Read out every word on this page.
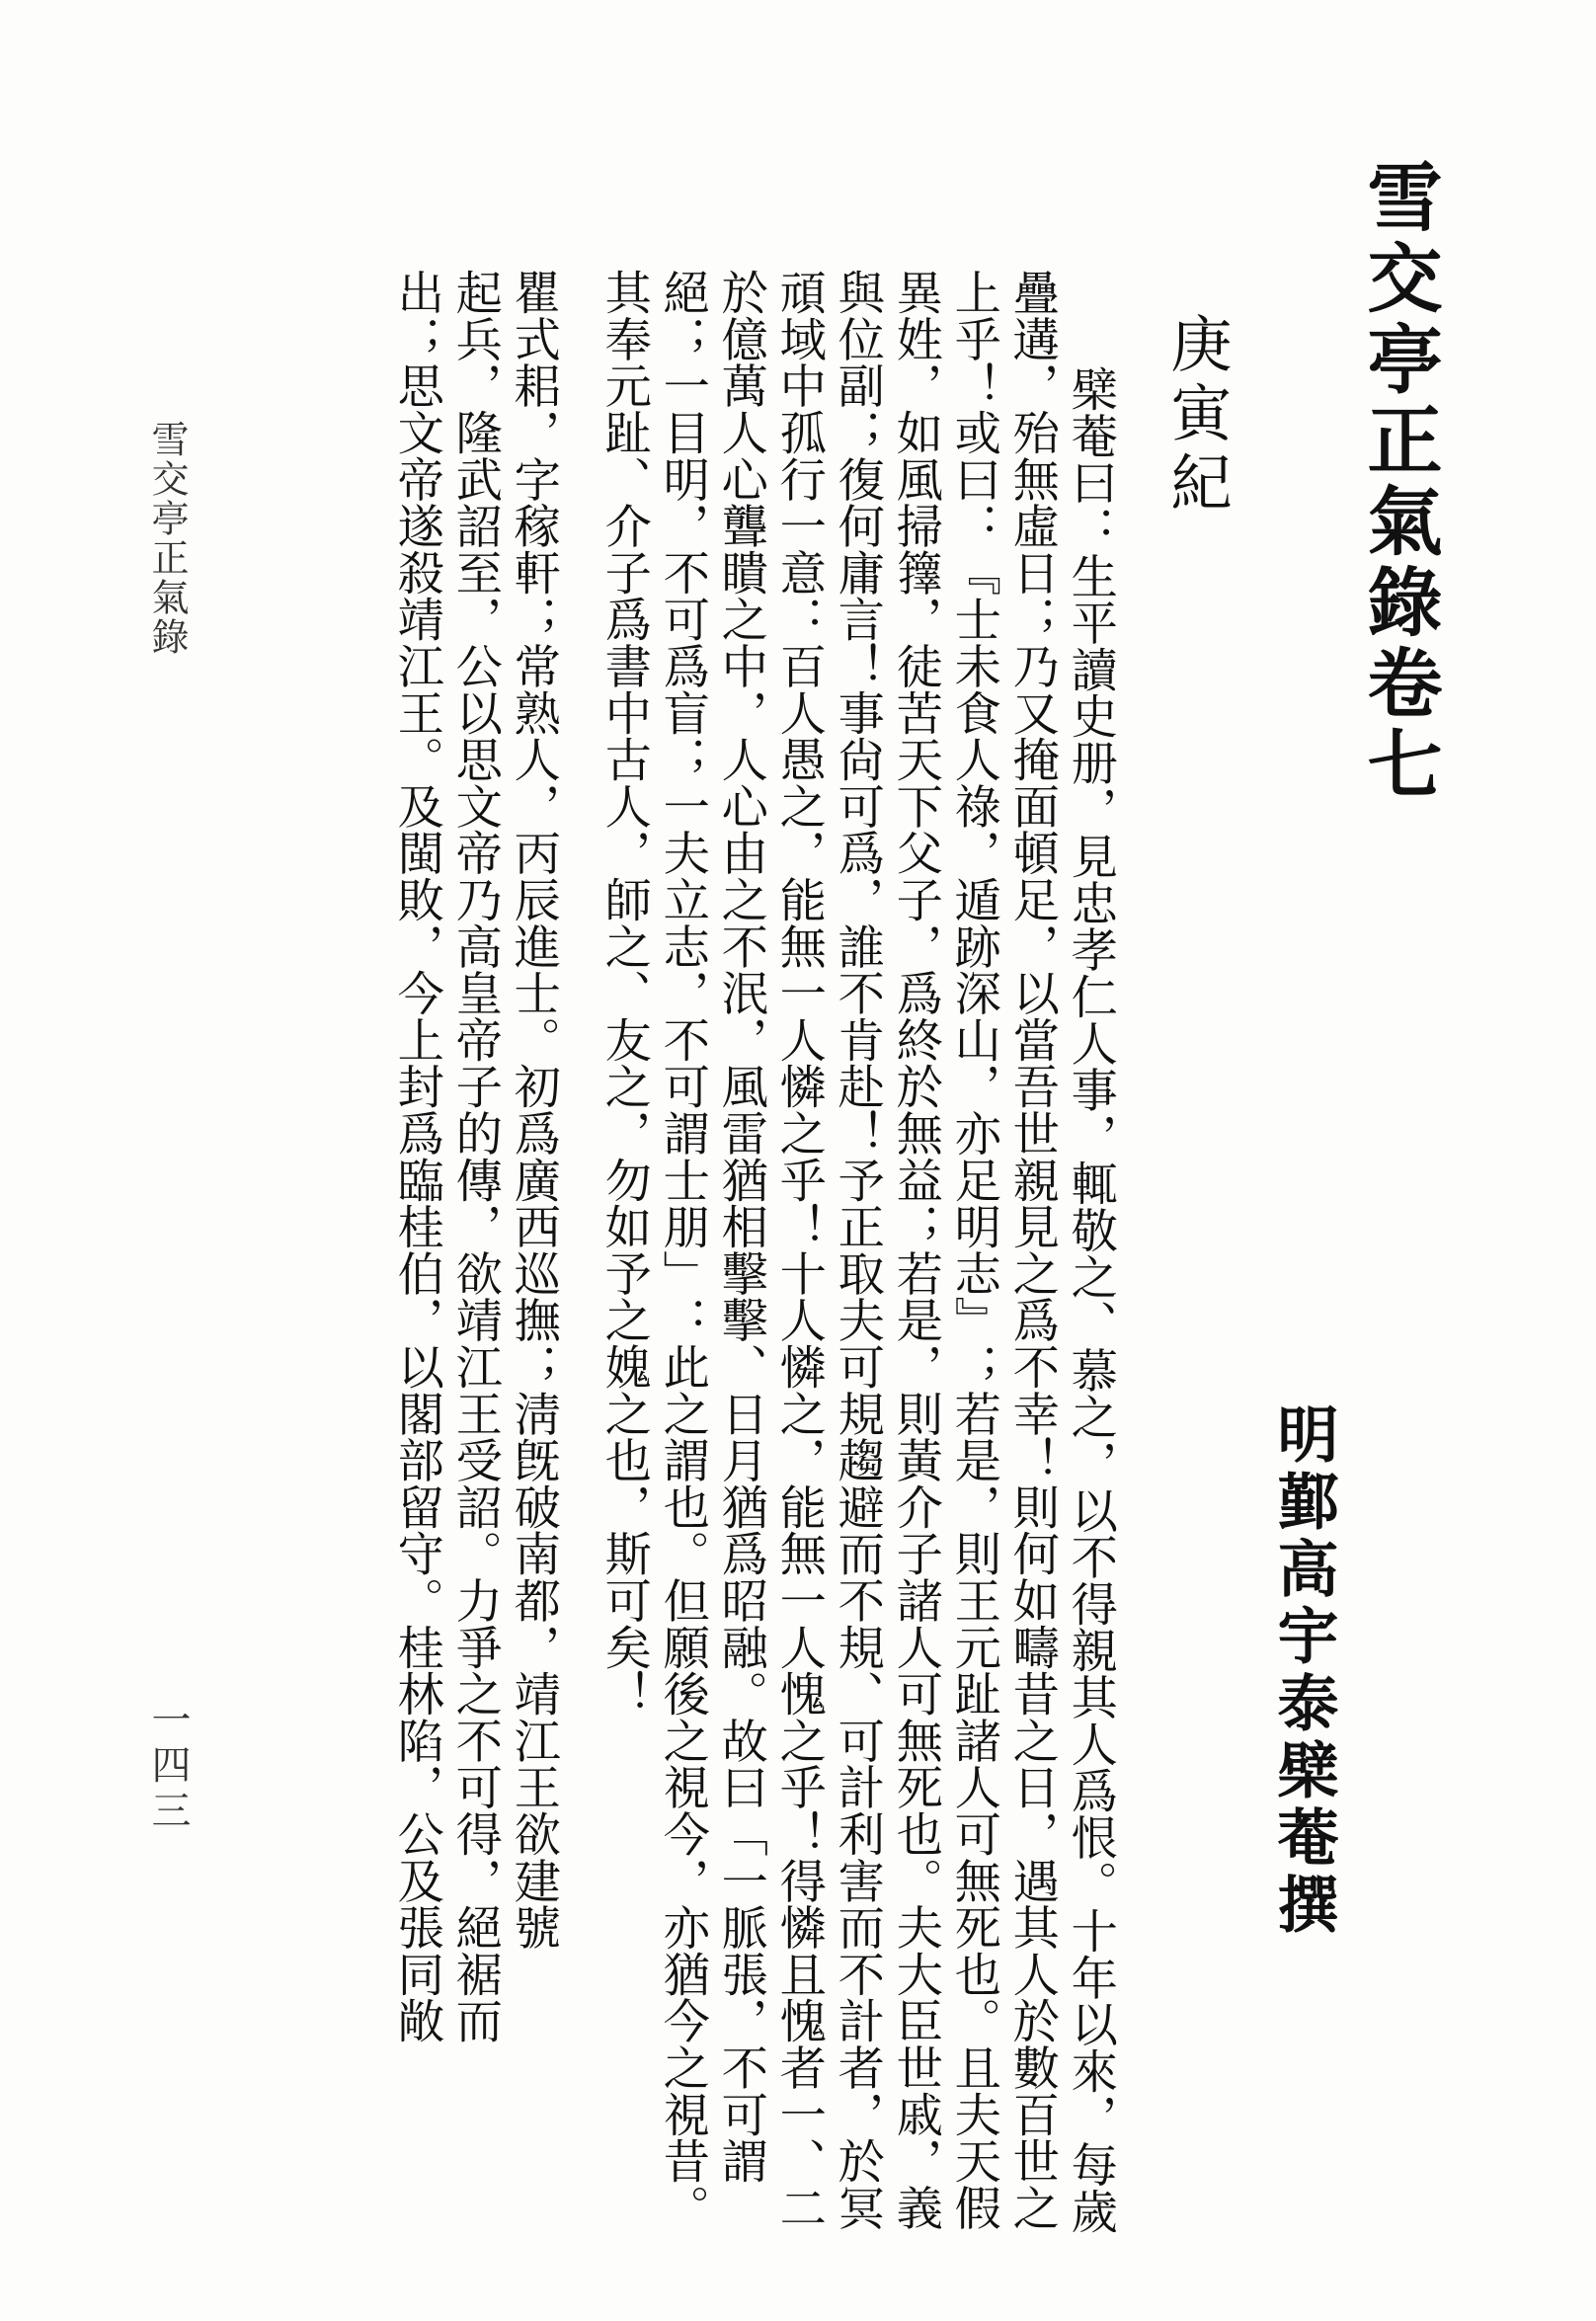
雪交亭正氣錄卷七
明鄞高宇泰檗菴撰
庚寅紀
檗菴曰：生平讀史册，見忠孝仁人事，輒敬之、慕之，以不得親其人爲恨。十年以來，每歲
疊遘，殆無虛日；乃又掩面頓足，以當吾世親見之爲不幸！則何如疇昔之日，遇其人於數百世之
上乎！或曰：『士未食人祿，遁跡深山，亦足明志』；若是，則王元趾諸人可無死也。且夫天假
異姓，如風掃籜，徒苦天下父子，爲終於無益；若是，則黃介子諸人可無死也。夫大臣世戚，義
與位副；復何庸言！事尙可爲，誰不肯赴！予正取夫可規趨避而不規、可計利害而不計者，於冥
頑域中孤行一意：百人愚之，能無一人憐之乎！十人憐之，能無一人愧之乎！得憐且愧者一、二
於億萬人心聾瞶之中，人心由之不泯，風雷猶相擊擊、日月猶爲昭融。故曰「一脈張，不可謂
絕；一目明，不可爲盲；一夫立志，不可謂士朋」：此之謂也。但願後之視今，亦猶今之視昔。
其奉元趾、介子爲書中古人，師之、友之，勿如予之媿之也，斯可矣！
瞿式耜，字稼軒；常熟人，丙辰進士。初爲廣西巡撫；淸旣破南都，靖江王欲建號
起兵，隆武詔至，公以思文帝乃高皇帝子的傳，欲靖江王受詔。力爭之不可得，絕裾而
出；思文帝遂殺靖江王。及閩敗，今上封爲臨桂伯，以閣部留守。桂林陷，公及張同敞
雪交亭正氣錄
一四三
